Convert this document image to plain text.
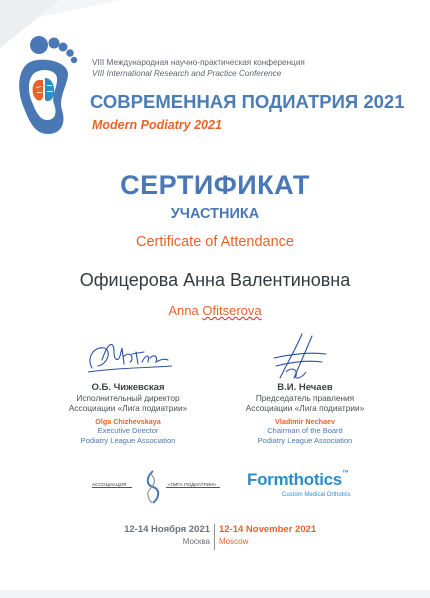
VIII Международная научно-практическая конференция
VIII International Research and Practice Conference
СОВРЕМЕННАЯ ПОДИАТРИЯ 2021
Modern Podiatry 2021
СЕРТИФИКАТ
УЧАСТНИКА
Certificate of Attendance
Офицерова Анна Валентиновна
Anna Ofitserova
О.Б. Чижевская
Исполнительный директор
Ассоциации «Лига подиатрии»
Olga Chizhevskaya
Executive Director
Podiatry League Association
В.И. Нечаев
Председатель правления
Ассоциации «Лига подиатрии»
Vladimir Nechaev
Chairman of the Board
Podiatry League Association
АССОЦИАЦИЯ	«ЛИГА ПОДИАТРИИ» Formthotics™
Custom Medical Orthotics
12-14 Ноября 2021
Москва
12-14 November 2021
Moscow
